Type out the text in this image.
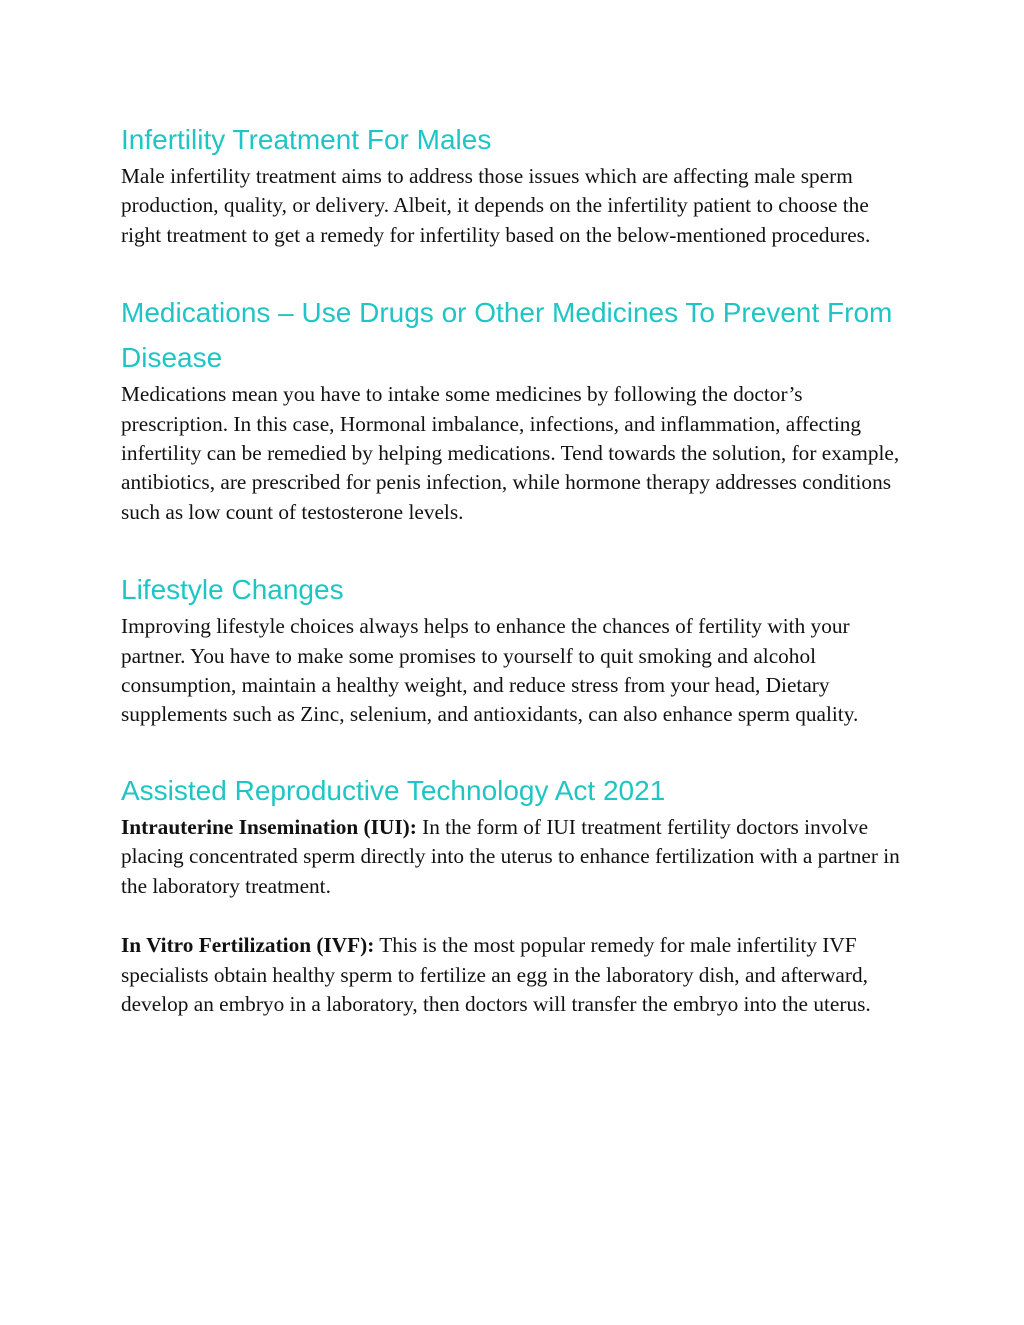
Infertility Treatment For Males

Male infertility treatment aims to address those issues which are affecting male sperm production, quality, or delivery. Albeit, it depends on the infertility patient to choose the right treatment to get a remedy for infertility based on the below-mentioned procedures.

Medications – Use Drugs or Other Medicines To Prevent From Disease

Medications mean you have to intake some medicines by following the doctor’s prescription. In this case, Hormonal imbalance, infections, and inflammation, affecting infertility can be remedied by helping medications. Tend towards the solution, for example, antibiotics, are prescribed for penis infection, while hormone therapy addresses conditions such as low count of testosterone levels.

Lifestyle Changes

Improving lifestyle choices always helps to enhance the chances of fertility with your partner. You have to make some promises to yourself to quit smoking and alcohol consumption, maintain a healthy weight, and reduce stress from your head, Dietary supplements such as Zinc, selenium, and antioxidants, can also enhance sperm quality.

Assisted Reproductive Technology Act 2021

Intrauterine Insemination (IUI): In the form of IUI treatment fertility doctors involve placing concentrated sperm directly into the uterus to enhance fertilization with a partner in the laboratory treatment.

In Vitro Fertilization (IVF): This is the most popular remedy for male infertility IVF specialists obtain healthy sperm to fertilize an egg in the laboratory dish, and afterward, develop an embryo in a laboratory, then doctors will transfer the embryo into the uterus.
